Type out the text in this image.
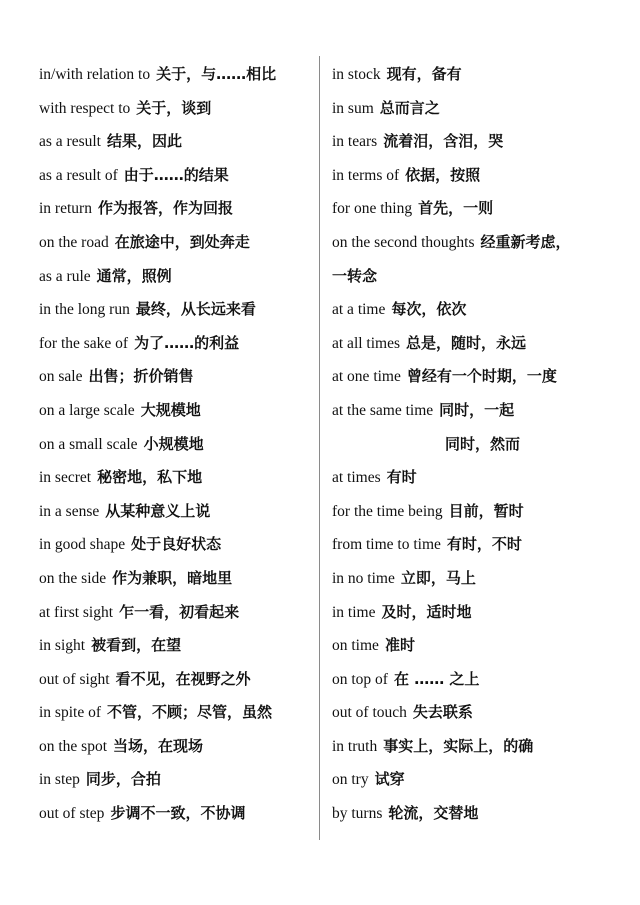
in/with relation to 关于，与……相比
with respect to 关于，谈到
as a result 结果，因此
as a result of 由于……的结果
in return 作为报答，作为回报
on the road 在旅途中，到处奔走
as a rule 通常，照例
in the long run 最终，从长远来看
for the sake of 为了……的利益
on sale 出售；折价销售
on a large scale 大规模地
on a small scale 小规模地
in secret 秘密地，私下地
in a sense 从某种意义上说
in good shape 处于良好状态
on the side 作为兼职，暗地里
at first sight 乍一看，初看起来
in sight 被看到，在望
out of sight 看不见，在视野之外
in spite of 不管，不顾；尽管，虽然
on the spot 当场，在现场
in step 同步，合拍
out of step 步调不一致，不协调
in stock 现有，备有
in sum 总而言之
in tears 流着泪，含泪，哭
in terms of 依据，按照
for one thing 首先，一则
on the second thoughts 经重新考虑，
一转念
at a time 每次，依次
at all times 总是，随时，永远
at one time 曾经有一个时期，一度
at the same time 同时，一起
同时，然而
at times 有时
for the time being 目前，暂时
from time to time 有时，不时
in no time 立即，马上
in time 及时，适时地
on time 准时
on top of 在 …… 之上
out of touch 失去联系
in truth 事实上，实际上，的确
on try 试穿
by turns 轮流，交替地
